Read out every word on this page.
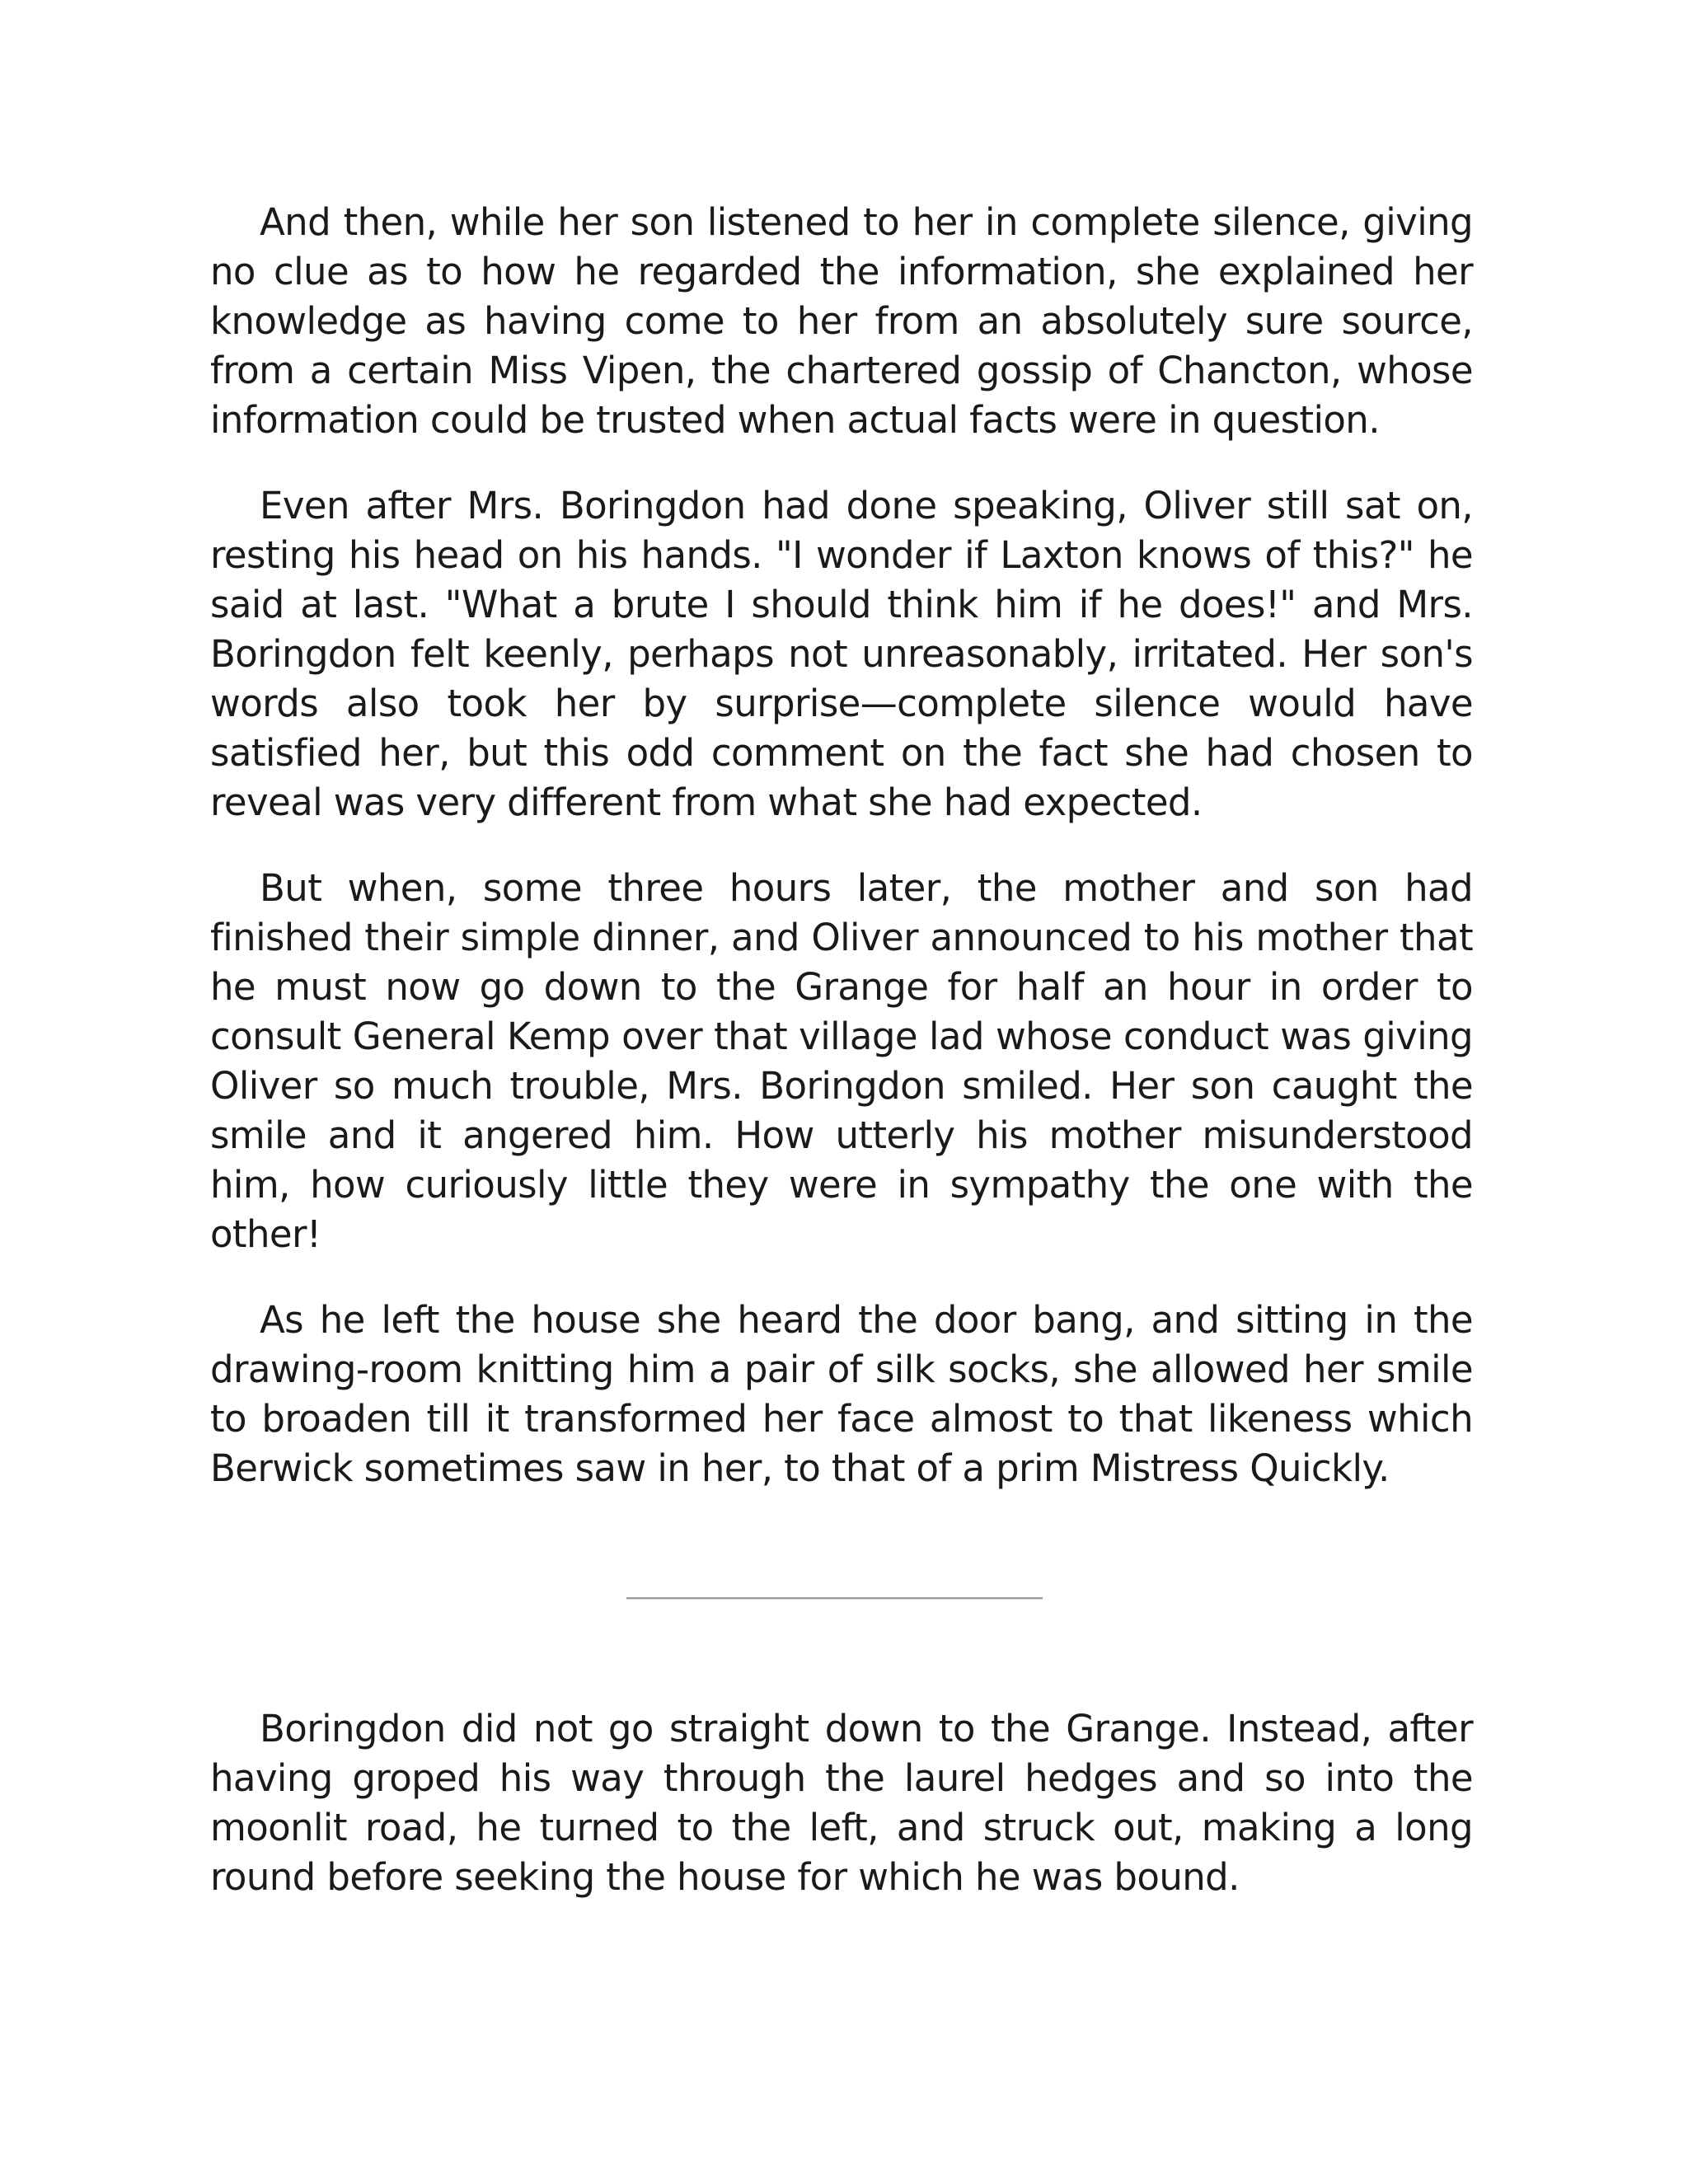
And then, while her son listened to her in complete silence, giving no clue as to how he regarded the information, she explained her knowledge as having come to her from an absolutely sure source, from a certain Miss Vipen, the chartered gossip of Chancton, whose information could be trusted when actual facts were in question.

Even after Mrs. Boringdon had done speaking, Oliver still sat on, resting his head on his hands. "I wonder if Laxton knows of this?" he said at last. "What a brute I should think him if he does!" and Mrs. Boringdon felt keenly, perhaps not unreasonably, irritated. Her son's words also took her by surprise—complete silence would have satisfied her, but this odd comment on the fact she had chosen to reveal was very different from what she had expected.

But when, some three hours later, the mother and son had finished their simple dinner, and Oliver announced to his mother that he must now go down to the Grange for half an hour in order to consult General Kemp over that village lad whose conduct was giving Oliver so much trouble, Mrs. Boringdon smiled. Her son caught the smile and it angered him. How utterly his mother misunderstood him, how curiously little they were in sympathy the one with the other!

As he left the house she heard the door bang, and sitting in the drawing-room knitting him a pair of silk socks, she allowed her smile to broaden till it transformed her face almost to that likeness which Berwick sometimes saw in her, to that of a prim Mistress Quickly.

Boringdon did not go straight down to the Grange. Instead, after having groped his way through the laurel hedges and so into the moonlit road, he turned to the left, and struck out, making a long round before seeking the house for which he was bound.
